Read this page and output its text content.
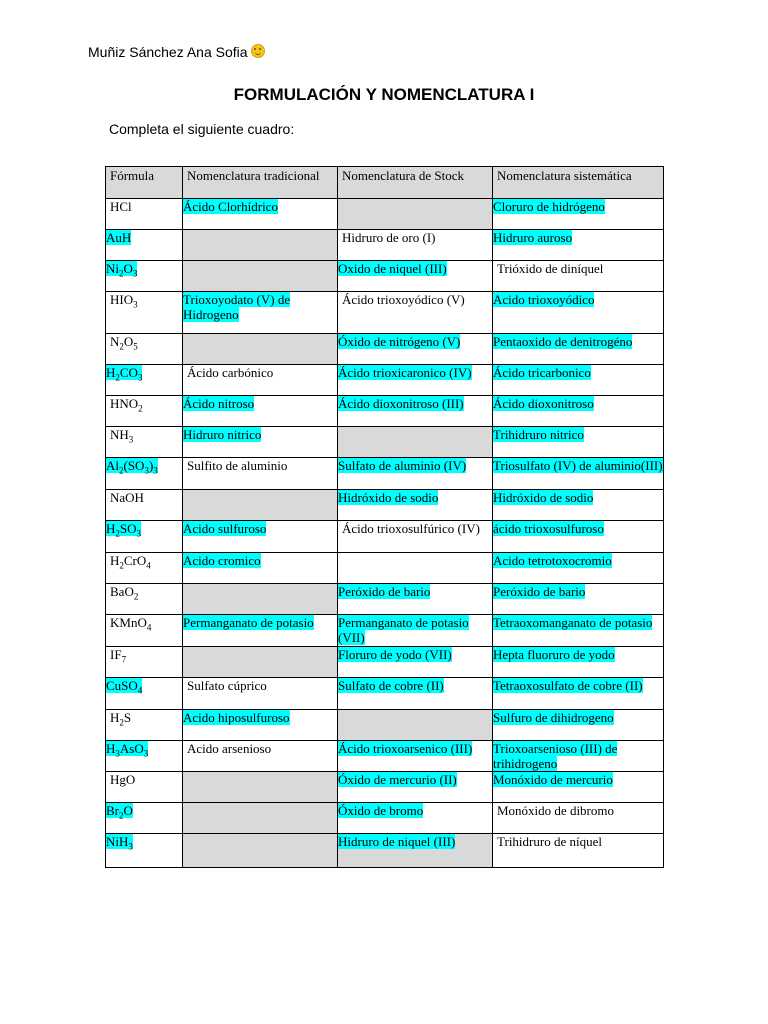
Muñiz Sánchez Ana Sofia
FORMULACIÓN Y NOMENCLATURA I
Completa el siguiente cuadro:
Fórmula	Nomenclatura tradicional	Nomenclatura de Stock	Nomenclatura sistemática

HCl	Ácido Clorhídrico		Cloruro de hidrógeno
AuH		Hidruro de oro (I)	Hidruro auroso
$Ni_2O_3$		Oxido de niquel (III)	Trióxido de diníquel
$HIO_3$	Trioxoyodato (V) de Hidrogeno	Ácido trioxoyódico (V)	Acido trioxoyódico
$N_2O_5$		Óxido de nitrógeno (V)	Pentaoxido de denitrogéno
$H_2CO_3$	Ácido carbónico	Ácido trioxicaronico (IV)	Ácido tricarbonico
$HNO_2$	Ácido nitroso	Ácido dioxonitroso (III)	Ácido dioxonitroso
$NH_3$	Hidruro nitrico		Trihidruro nitrico
$Al_2(SO_3)_3$	Sulfito de aluminio	Sulfato de aluminio (IV)	Triosulfato (IV) de aluminio(III)
NaOH		Hidróxido de sodio	Hidróxido de sodio
$H_2SO_3$	Acido sulfuroso	Ácido trioxosulfúrico (IV)	ácido trioxosulfuroso
$H_2CrO_4$	Acido cromico		Acido tetrotoxocromio
BaO$_2$		Peróxido de bario	Peróxido de bario
KMnO$_4$	Permanganato de potasio	Permanganato de potasio (VII)	Tetraoxomanganato de potasio
$IF_7$		Floruro de yodo (VII)	Hepta fluoruro de yodo
CuSO$_4$	Sulfato cúprico	Sulfato de cobre (II)	Tetraoxosulfato de cobre (II)
$H_2S$	Acido hiposulfuroso		Sulfuro de dihidrogeno
$H_3AsO_3$	Acido arsenioso	Ácido trioxoarsenico (III)	Trioxoarsenioso (III) de trihidrogeno
HgO		Óxido de mercurio (II)	Monóxido de mercurio
$Br_2O$		Óxido de bromo	Monóxido de dibromo
NiH$_3$		Hidruro de niquel (III)	Trihidruro de níquel
